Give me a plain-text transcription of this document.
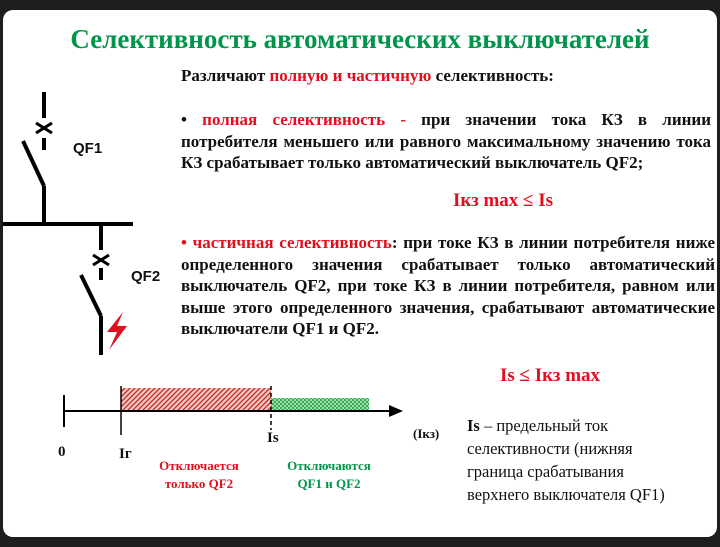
Селективность автоматических выключателей
Различают полную и частичную селективность:
• полная селективность - при значении тока КЗ в линии потребителя меньшего или равного максимальному значению тока КЗ срабатывает только автоматический выключатель QF2;
Iкз max ≤ Is
• частичная селективность: при токе КЗ в линии потребителя ниже определенного значения срабатывает только автоматический выключатель QF2, при токе КЗ в линии потребителя, равном или выше этого определенного значения, срабатывают автоматические выключатели QF1 и QF2.
Is ≤ Iкз max
QF1
QF2
0	Iг
Is	(Iкз)
Отключается
только QF2
Отключаются
QF1 и QF2
Is – предельный ток
селективности (нижняя
граница срабатывания
верхнего выключателя QF1)
